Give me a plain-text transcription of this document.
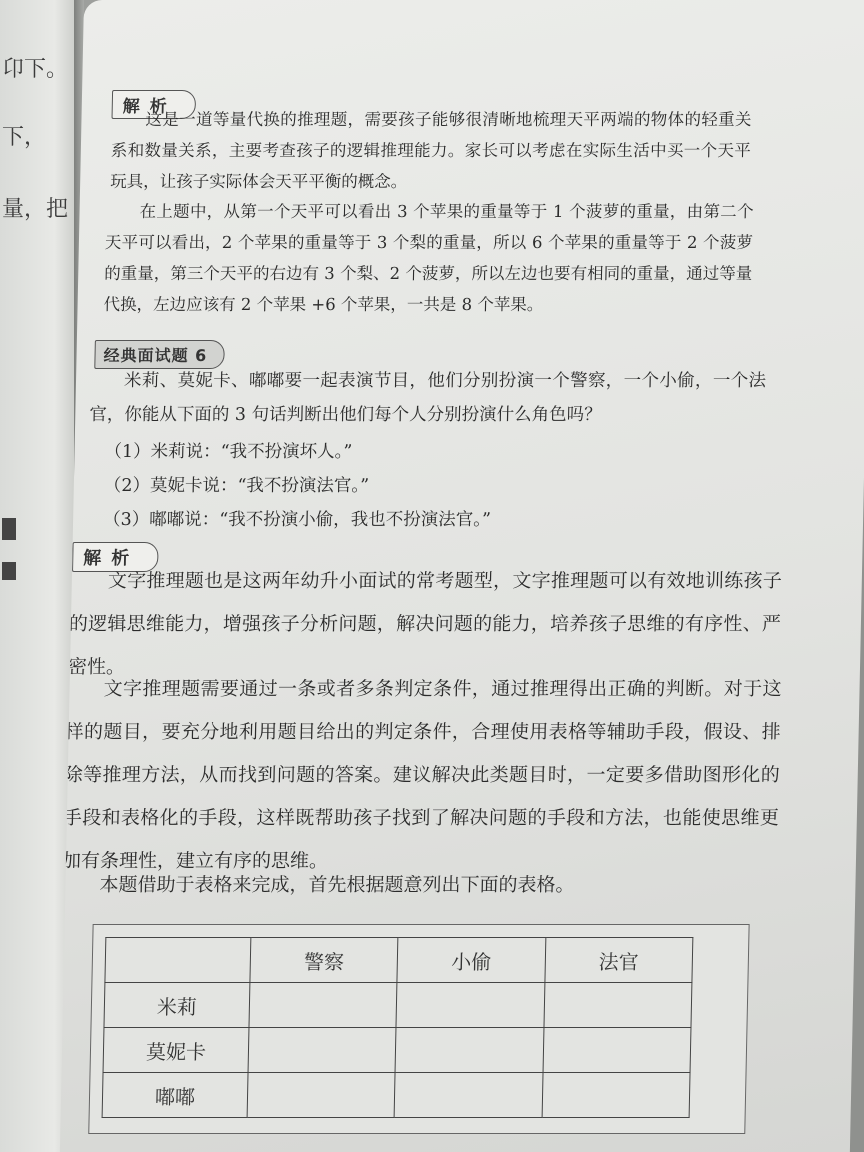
卬下。
下，
量，把
解析

这是一道等量代换的推理题，需要孩子能够很清晰地梳理天平两端的物体的轻重关系和数量关系，主要考查孩子的逻辑推理能力。家长可以考虑在实际生活中买一个天平玩具，让孩子实际体会天平平衡的概念。

在上题中，从第一个天平可以看出 3 个苹果的重量等于 1 个菠萝的重量，由第二个天平可以看出，2 个苹果的重量等于 3 个梨的重量，所以 6 个苹果的重量等于 2 个菠萝的重量，第三个天平的右边有 3 个梨、2 个菠萝，所以左边也要有相同的重量，通过等量代换，左边应该有 2 个苹果 +6 个苹果，一共是 8 个苹果。

经典面试题 6

米莉、莫妮卡、嘟嘟要一起表演节目，他们分别扮演一个警察，一个小偷，一个法官，你能从下面的 3 句话判断出他们每个人分别扮演什么角色吗？

（1）米莉说：“我不扮演坏人。”
（2）莫妮卡说：“我不扮演法官。”
（3）嘟嘟说：“我不扮演小偷，我也不扮演法官。”
解析

文字推理题也是这两年幼升小面试的常考题型，文字推理题可以有效地训练孩子的逻辑思维能力，增强孩子分析问题，解决问题的能力，培养孩子思维的有序性、严密性。

文字推理题需要通过一条或者多条判定条件，通过推理得出正确的判断。对于这样的题目，要充分地利用题目给出的判定条件，合理使用表格等辅助手段，假设、排除等推理方法，从而找到问题的答案。建议解决此类题目时，一定要多借助图形化的手段和表格化的手段，这样既帮助孩子找到了解决问题的手段和方法，也能使思维更加有条理性，建立有序的思维。

本题借助于表格来完成，首先根据题意列出下面的表格。

	警察	小偷	法官
米莉			
莫妮卡			
嘟嘟			
